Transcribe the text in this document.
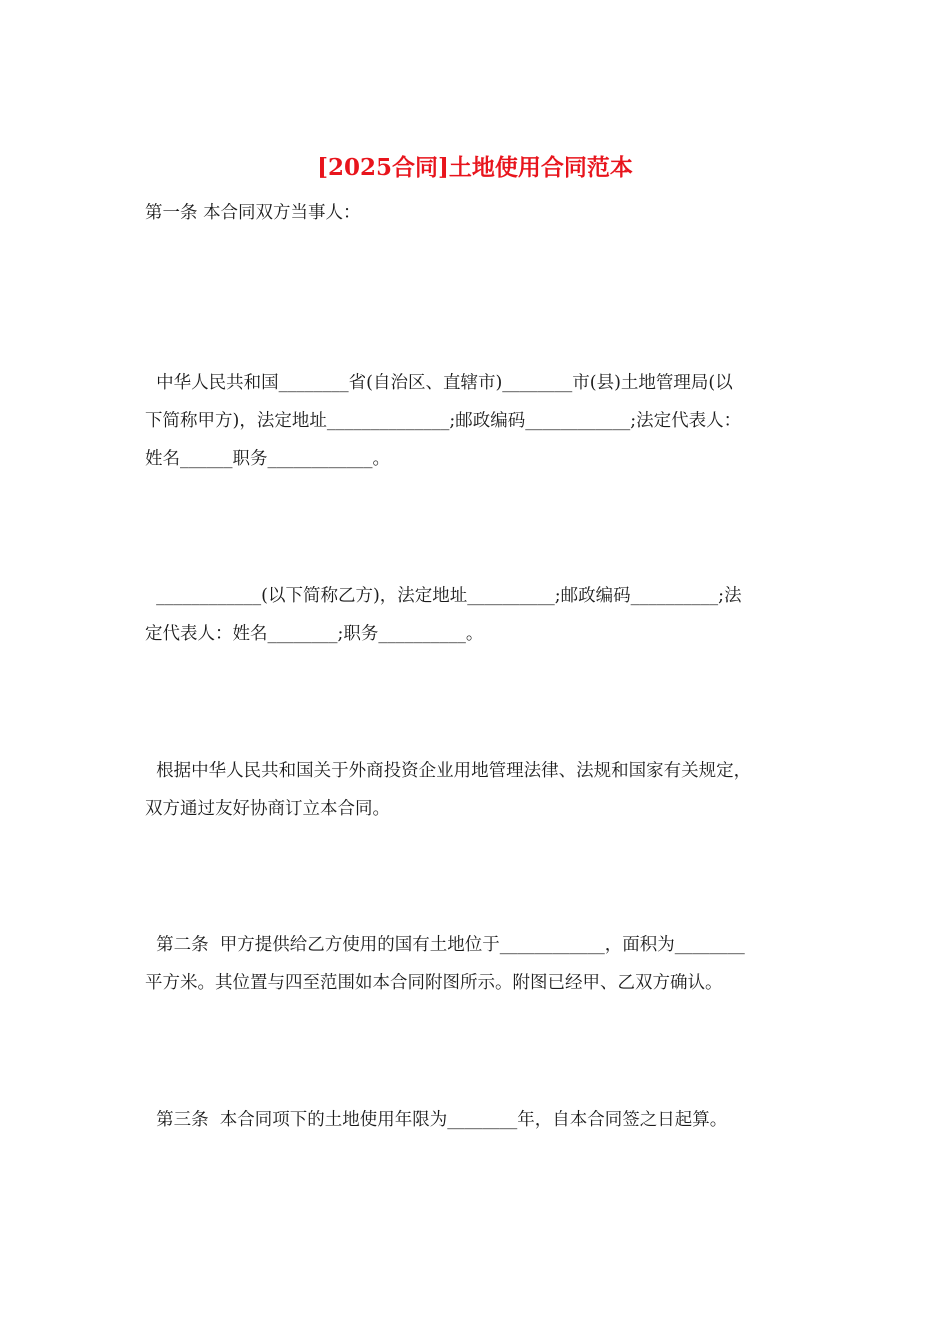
[2025合同]土地使用合同范本

第一条 本合同双方当事人：

中华人民共和国________省(自治区、直辖市)________市(县)土地管理局(以

下简称甲方)，法定地址______________;邮政编码____________;法定代表人：

姓名______职务____________。

____________(以下简称乙方)，法定地址__________;邮政编码__________;法

定代表人：姓名________;职务__________。

根据中华人民共和国关于外商投资企业用地管理法律、法规和国家有关规定，

双方通过友好协商订立本合同。

第二条  甲方提供给乙方使用的国有土地位于____________，面积为________

平方米。其位置与四至范围如本合同附图所示。附图已经甲、乙双方确认。

第三条  本合同项下的土地使用年限为________年，自本合同签之日起算。
